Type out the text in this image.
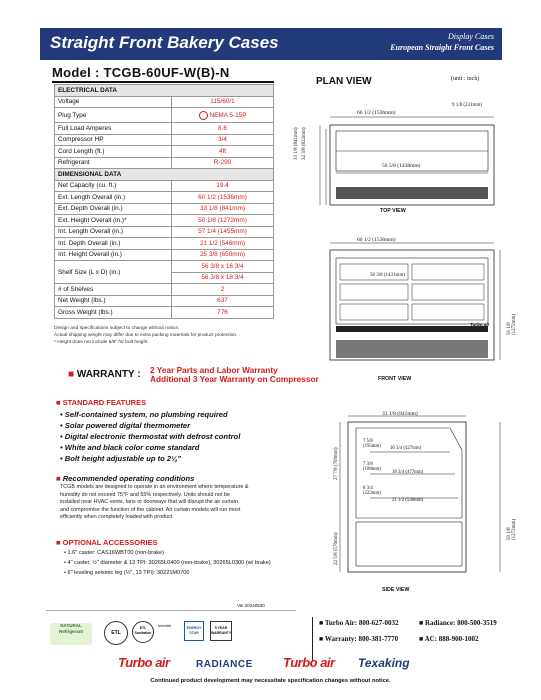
Straight Front Bakery Cases	Display Cases
European Straight Front Cases
Model : TCGB-60UF-W(B)-N
ELECTRICAL DATA	
Voltage	115/60/1
Plug Type	NEMA 5-15P
Full Load Amperes	8.6
Compressor HP	3/4
Cord Length (ft.)	4ft
Refrigerant	R-290
DIMENSIONAL DATA	
Net Capacity (cu. ft.)	19.4
Ext. Length Overall (in.)	60 1/2 (1536mm)
Ext. Depth Overall (in.)	33 1/8 (841mm)
Ext. Height Overall (in.)*	50 1/8 (1272mm)
Int. Length Overall (in.)	57 1/4 (1455mm)
Int. Depth Overall (in.)	21 1/2 (546mm)
Int. Height Overall (in.)	25 3/8 (650mm)
Shelf Size (L x D) (in.)	56 3/8 x 16 3/4
	56 3/8 x 18 3/4
# of Shelves	2
Net Weight (lbs.)	637
Gross Weight (lbs.)	776
Design and specifications subject to change without notice.
Actual shipping weight may differ due to extra packing materials for product protection.
* Height does not include 5/8" for bolt height.
■ WARRANTY : 2 Year Parts and Labor Warranty
Additional 3 Year Warranty on Compressor
■ STANDARD FEATURES
• Self-contained system, no plumbing required
• Solar powered digital thermometer
• Digital electronic thermostat with defrost control
• White and black color come standard
• Bolt height adjustable up to 2¼"
■ Recommended operating conditions
TCGB models are designed to operate in an environment where temperature &
humidity do not exceed 75°F and 55% respectively. Units should not be
installed near HVAC vents, fans or doorways that will disrupt the air curtain
and compromise the function of the cabinet. Air curtain models will run most
efficiently when completely loaded with product.
■ OPTIONAL ACCESSORIES
• 1.6" caster: CAS16WBT00 (non-brake)
• 4" caster, ½" diameter & 13 TPI: 30265L0400 (non-brake), 30265L0300 (w/ brake)
• 6" leveling seismic leg (½", 13 TPI): 30221M0700
PLAN VIEW	(unit : inch)
60 1/2 (1536mm)
9 1/8 (231mm)
56 5/8 (1438mm)
33 1/8 (841mm) 32 3/8 (822mm)
TOP VIEW
60 1/2 (1536mm)
56 3/8 (1431mm)
50 1/8 (1272mm)
Turbo air
FRONT VIEW
33 1/8 (841mm)
7 5/8 (195mm)	16 3/4 (427mm)
7 3/8 (188mm)
18 3/4 (477mm)
8 3/4 (222mm)
21 1/2 (546mm)
27 7/8 (709mm)
22 5/8 (576mm)	50 1/8 (1272mm)
SIDE VIEW
Ver.20240530
NATURAL Refrigerant	ETL
ETL Sanitation
Intertek	ENERGY STAR
5 YEAR WARRANTY
■ Turbo Air: 800-627-0032	■ Radiance: 800-500-3519
■ Warranty: 800-381-7770	■ AC: 888-900-1002
Turbo air	RADIANCE Turbo air Texaking
Continued product development may necessitate specification changes without notice.
